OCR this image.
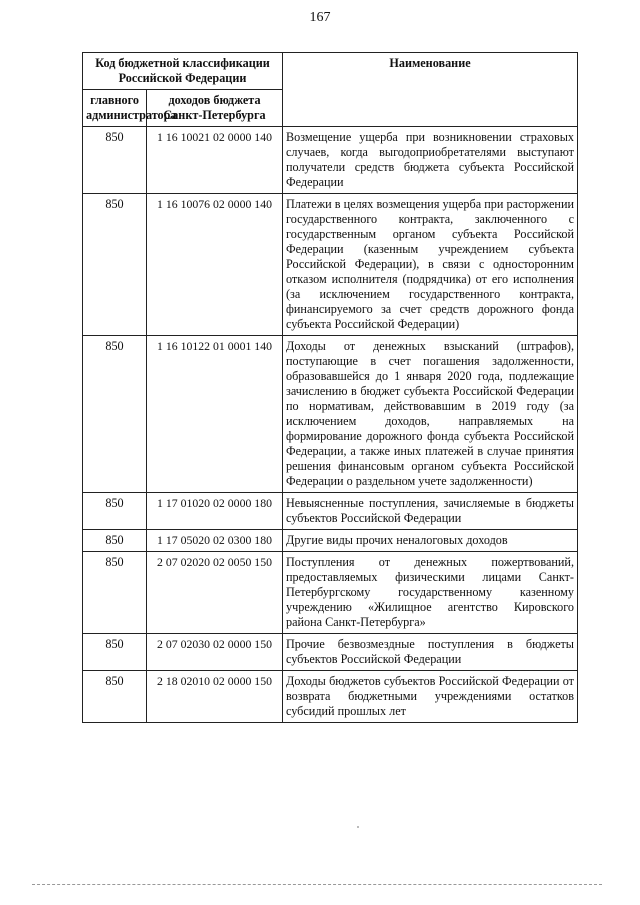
167
Код бюджетной классификации Российской Федерации		Наименование
главного администратора	доходов бюджета Санкт-Петербурга	
850	1 16 10021 02 0000 140	Возмещение ущерба при возникновении страховых случаев, когда выгодоприобретателями выступают получатели средств бюджета субъекта Российской Федерации
850	1 16 10076 02 0000 140	Платежи в целях возмещения ущерба при расторжении государственного контракта, заключенного с государственным органом субъекта Российской Федерации (казенным учреждением субъекта Российской Федерации), в связи с односторонним отказом исполнителя (подрядчика) от его исполнения (за исключением государственного контракта, финансируемого за счет средств дорожного фонда субъекта Российской Федерации)
850	1 16 10122 01 0001 140	Доходы от денежных взысканий (штрафов), поступающие в счет погашения задолженности, образовавшейся до 1 января 2020 года, подлежащие зачислению в бюджет субъекта Российской Федерации по нормативам, действовавшим в 2019 году (за исключением доходов, направляемых на формирование дорожного фонда субъекта Российской Федерации, а также иных платежей в случае принятия решения финансовым органом субъекта Российской Федерации о раздельном учете задолженности)
850	1 17 01020 02 0000 180	Невыясненные поступления, зачисляемые в бюджеты субъектов Российской Федерации
850	1 17 05020 02 0300 180	Другие виды прочих неналоговых доходов
850	2 07 02020 02 0050 150	Поступления от денежных пожертвований, предоставляемых физическими лицами Санкт-Петербургскому государственному казенному учреждению «Жилищное агентство Кировского района Санкт-Петербурга»
850	2 07 02030 02 0000 150	Прочие безвозмездные поступления в бюджеты субъектов Российской Федерации
850	2 18 02010 02 0000 150	Доходы бюджетов субъектов Российской Федерации от возврата бюджетными учреждениями остатков субсидий прошлых лет
